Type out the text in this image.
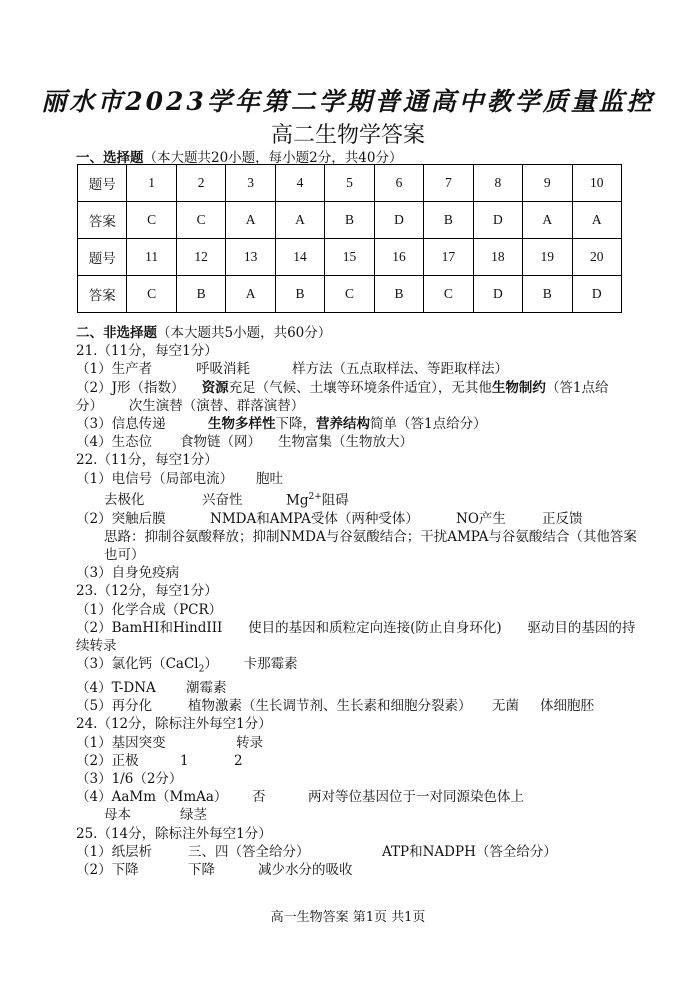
丽水市2023学年第二学期普通高中教学质量监控
高二生物学答案
一、选择题（本大题共20小题，每小题2分，共40分）
题号	1	2	3	4	5	6	7	8	9	10
答案	C	C	A	A	B	D	B	D	A	A
题号	11	12	13	14	15	16	17	18	19	20
答案	C	B	A	B	C	B	C	D	B	D
二、非选择题（本大题共5小题，共60分）
21.（11分，每空1分）
（1）生产者	呼吸消耗	样方法（五点取样法、等距取样法）
（2）J形（指数） 资源充足（气候、土壤等环境条件适宜），无其他生物制约（答1点给分） 次生演替（演替、群落演替）
（3）信息传递	生物多样性下降，营养结构简单（答1点给分）
（4）生态位 食物链（网） 生物富集（生物放大）
22.（11分，每空1分）
（1）电信号（局部电流） 胞吐
去极化	兴奋性	$Mg^{2+}$阻碍
（2）突触后膜	NMDA和AMPA受体（两种受体）	NO产生	正反馈
思路：抑制谷氨酸释放；抑制NMDA与谷氨酸结合；干扰AMPA与谷氨酸结合（其他答案也可）
（3）自身免疫病
23.（12分，每空1分）
（1）化学合成（PCR）
（2）BamHI和HindIII 使目的基因和质粒定向连接(防止自身环化) 驱动目的基因的持续转录
（3）氯化钙（CaCl$_2$） 卡那霉素
（4）T-DNA 潮霉素
（5）再分化	植物激素（生长调节剂、生长素和细胞分裂素） 无菌 体细胞胚
24.（12分，除标注外每空1分）
（1）基因突变	转录
（2）正极	1	2
（3）1/6（2分）
（4）AaMm（MmAa） 否	两对等位基因位于一对同源染色体上
母本	绿茎
25.（14分，除标注外每空1分）
（1）纸层析	三、四（答全给分）	ATP和NADPH（答全给分）
（2）下降	下降	减少水分的吸收
高一生物答案 第1页 共1页
